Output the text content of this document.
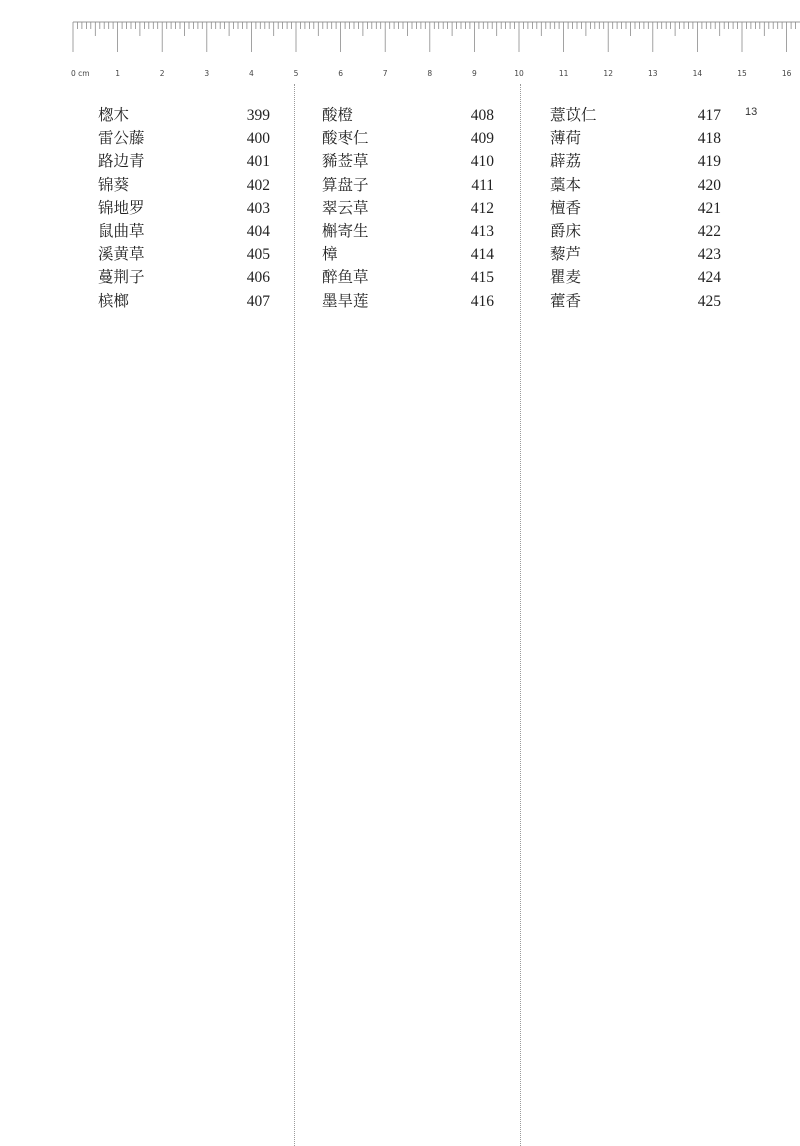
0 cm	1	2	3	4	5	6	7	8	9	10	11	12	13	14	15	16
楤木	399
雷公藤	400
路边青	401
锦葵	402
锦地罗	403
鼠曲草	404
溪黄草	405
蔓荆子	406
槟榔	407
酸橙	408
酸枣仁	409
豨莶草	410
算盘子	411
翠云草	412
槲寄生	413
樟	414
醉鱼草	415
墨旱莲	416
薏苡仁	417
薄荷	418
薜荔	419
藁本	420
檀香	421
爵床	422
藜芦	423
瞿麦	424
藿香	425
13
